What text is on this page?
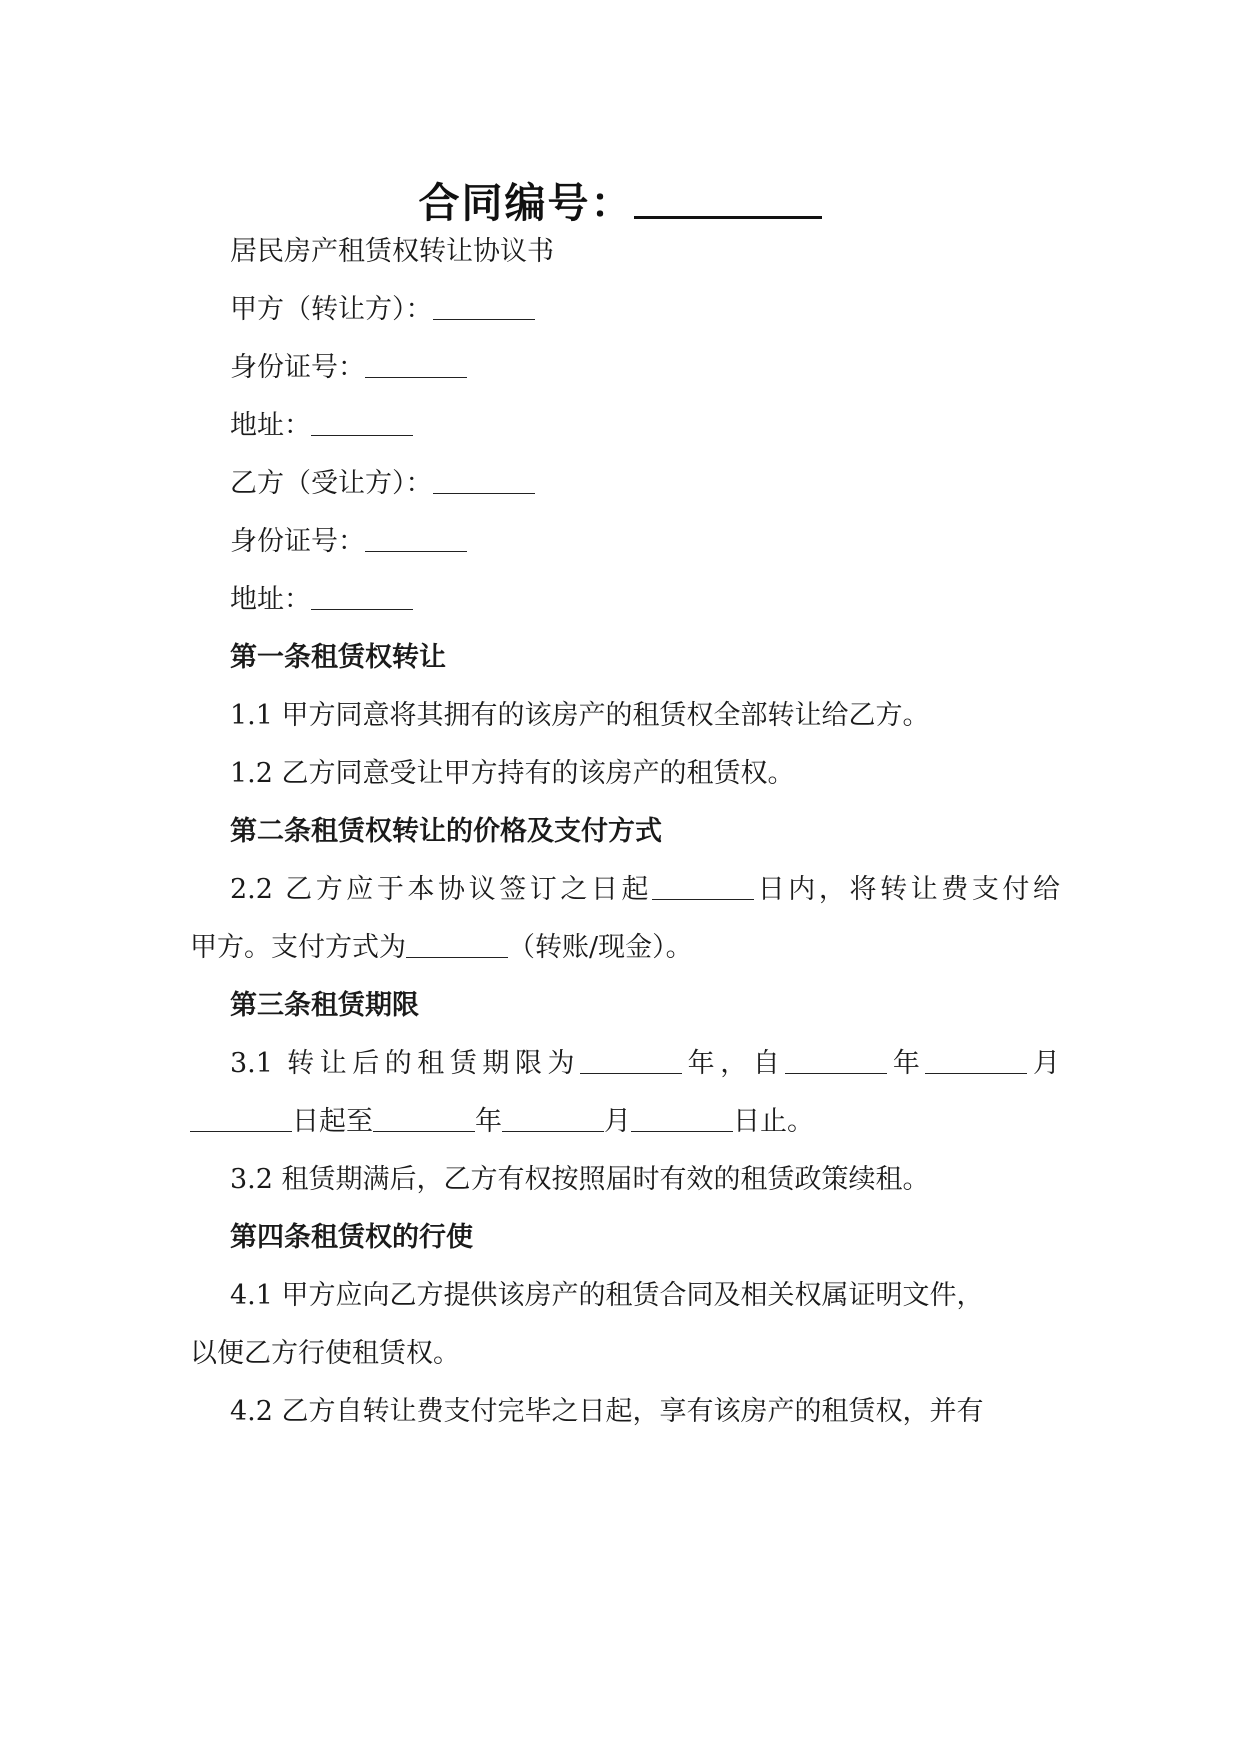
合同编号：
居民房产租赁权转让协议书
甲方（转让方）：
身份证号：
地址：
乙方（受让方）：
身份证号：
地址：
第一条租赁权转让
1.1 甲方同意将其拥有的该房产的租赁权全部转让给乙方。
1.2 乙方同意受让甲方持有的该房产的租赁权。
第二条租赁权转让的价格及支付方式
2.2 乙方应于本协议签订之日起	日内，将转让费支付给
甲方。支付方式为	（转账/现金）。
第三条租赁期限
3.1 转让后的租赁期限为	年，自	年	月
日起至	年	月	日止。
3.2 租赁期满后，乙方有权按照届时有效的租赁政策续租。
第四条租赁权的行使
4.1 甲方应向乙方提供该房产的租赁合同及相关权属证明文件，
以便乙方行使租赁权。
4.2 乙方自转让费支付完毕之日起，享有该房产的租赁权，并有
